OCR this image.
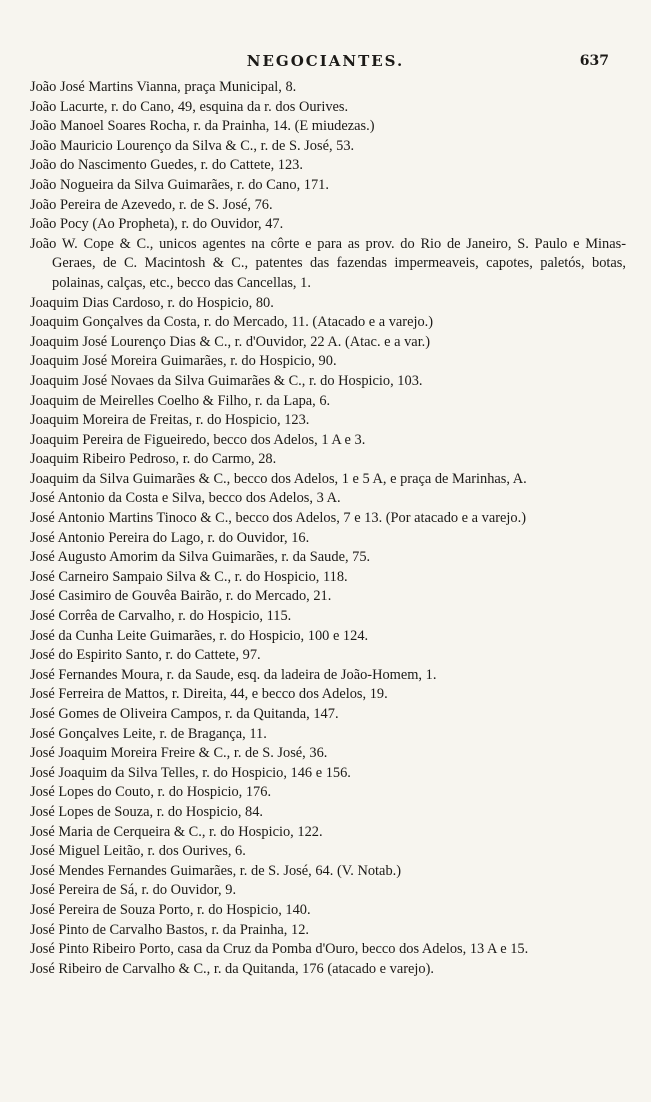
NEGOCIANTES.	637

João José Martins Vianna, praça Municipal, 8.

João Lacurte, r. do Cano, 49, esquina da r. dos Ourives.

João Manoel Soares Rocha, r. da Prainha, 14. (E miudezas.)

João Mauricio Lourenço da Silva & C., r. de S. José, 53.

João do Nascimento Guedes, r. do Cattete, 123.

João Nogueira da Silva Guimarães, r. do Cano, 171.

João Pereira de Azevedo, r. de S. José, 76.

João Pocy (Ao Propheta), r. do Ouvidor, 47.

João W. Cope & C., unicos agentes na côrte e para as prov. do Rio de Janeiro, S. Paulo e Minas-Geraes, de C. Macintosh & C., patentes das fazendas impermeaveis, capotes, paletós, botas, polainas, calças, etc., becco das Cancellas, 1.

Joaquim Dias Cardoso, r. do Hospicio, 80.

Joaquim Gonçalves da Costa, r. do Mercado, 11. (Atacado e a varejo.)

Joaquim José Lourenço Dias & C., r. d'Ouvidor, 22 A. (Atac. e a var.)

Joaquim José Moreira Guimarães, r. do Hospicio, 90.

Joaquim José Novaes da Silva Guimarães & C., r. do Hospicio, 103.

Joaquim de Meirelles Coelho & Filho, r. da Lapa, 6.

Joaquim Moreira de Freitas, r. do Hospicio, 123.

Joaquim Pereira de Figueiredo, becco dos Adelos, 1 A e 3.

Joaquim Ribeiro Pedroso, r. do Carmo, 28.

Joaquim da Silva Guimarães & C., becco dos Adelos, 1 e 5 A, e praça de Marinhas, A.

José Antonio da Costa e Silva, becco dos Adelos, 3 A.

José Antonio Martins Tinoco & C., becco dos Adelos, 7 e 13. (Por atacado e a varejo.)

José Antonio Pereira do Lago, r. do Ouvidor, 16.

José Augusto Amorim da Silva Guimarães, r. da Saude, 75.

José Carneiro Sampaio Silva & C., r. do Hospicio, 118.

José Casimiro de Gouvêa Bairão, r. do Mercado, 21.

José Corrêa de Carvalho, r. do Hospicio, 115.

José da Cunha Leite Guimarães, r. do Hospicio, 100 e 124.

José do Espirito Santo, r. do Cattete, 97.

José Fernandes Moura, r. da Saude, esq. da ladeira de João-Homem, 1.

José Ferreira de Mattos, r. Direita, 44, e becco dos Adelos, 19.

José Gomes de Oliveira Campos, r. da Quitanda, 147.

José Gonçalves Leite, r. de Bragança, 11.

José Joaquim Moreira Freire & C., r. de S. José, 36.

José Joaquim da Silva Telles, r. do Hospicio, 146 e 156.

José Lopes do Couto, r. do Hospicio, 176.

José Lopes de Souza, r. do Hospicio, 84.

José Maria de Cerqueira & C., r. do Hospicio, 122.

José Miguel Leitão, r. dos Ourives, 6.

José Mendes Fernandes Guimarães, r. de S. José, 64. (V. Notab.)

José Pereira de Sá, r. do Ouvidor, 9.

José Pereira de Souza Porto, r. do Hospicio, 140.

José Pinto de Carvalho Bastos, r. da Prainha, 12.

José Pinto Ribeiro Porto, casa da Cruz da Pomba d'Ouro, becco dos Adelos, 13 A e 15.

José Ribeiro de Carvalho & C., r. da Quitanda, 176 (atacado e varejo).
